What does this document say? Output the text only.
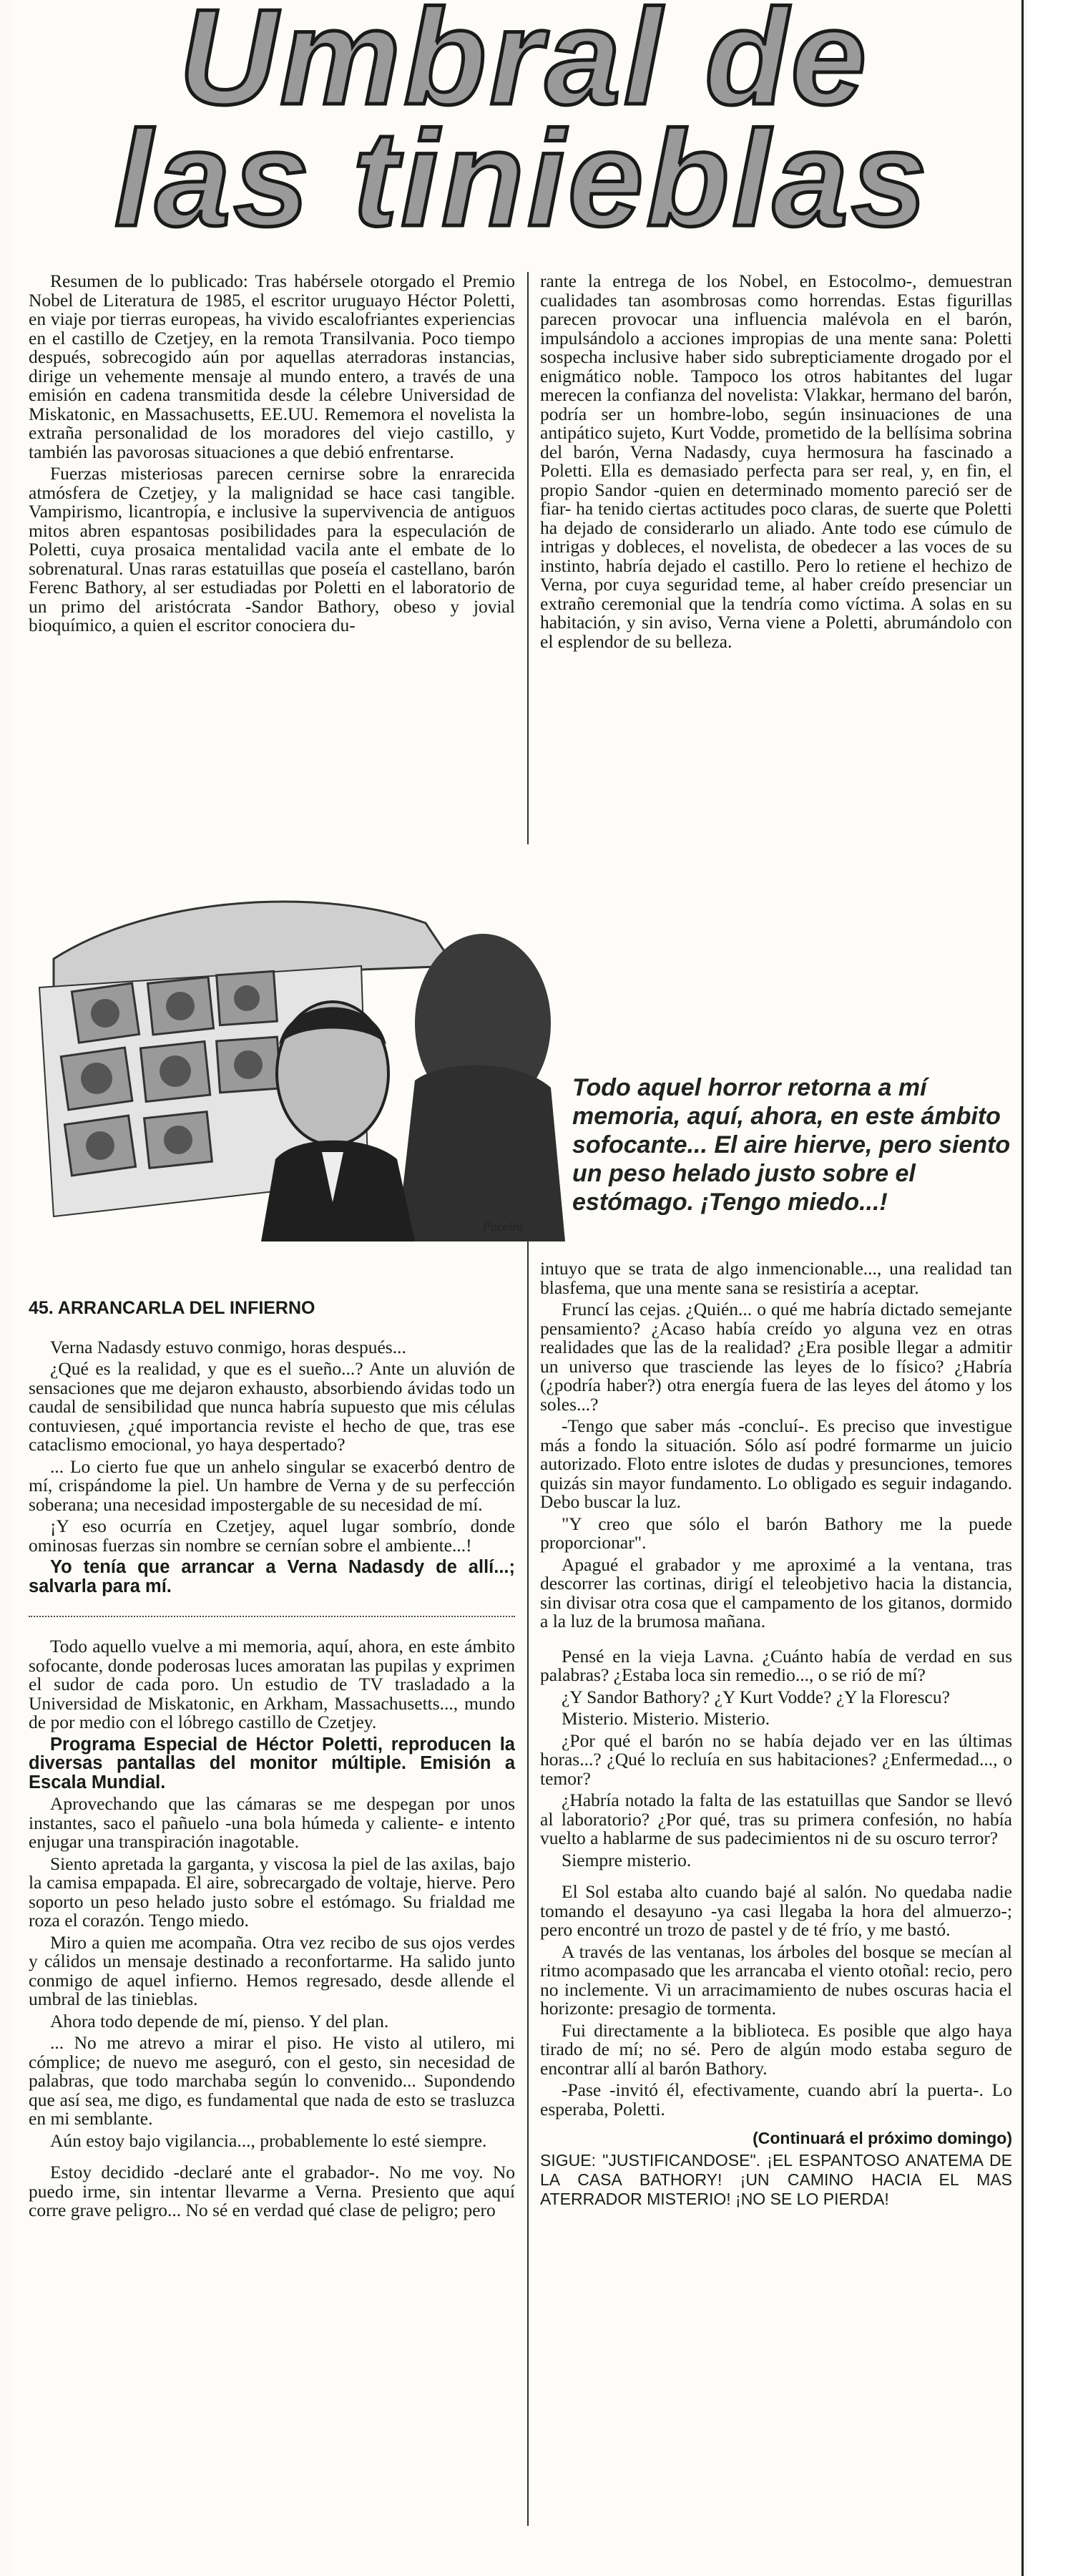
Umbral de
las tinieblas

Resumen de lo publicado: Tras habérsele otorgado el Premio Nobel de Literatura de 1985, el escritor uruguayo Héctor Poletti, en viaje por tierras europeas, ha vivido escalofriantes experiencias en el castillo de Czetjey, en la remota Transilvania. Poco tiempo después, sobrecogido aún por aquellas aterradoras instancias, dirige un vehemente mensaje al mundo entero, a través de una emisión en cadena transmitida desde la célebre Universidad de Miskatonic, en Massachusetts, EE.UU. Rememora el novelista la extraña personalidad de los moradores del viejo castillo, y también las pavorosas situaciones a que debió enfrentarse.

Fuerzas misteriosas parecen cernirse sobre la enrarecida atmósfera de Czetjey, y la malignidad se hace casi tangible. Vampirismo, licantropía, e inclusive la supervivencia de antiguos mitos abren espantosas posibilidades para la especulación de Poletti, cuya prosaica mentalidad vacila ante el embate de lo sobrenatural. Unas raras estatuillas que poseía el castellano, barón Ferenc Bathory, al ser estudiadas por Poletti en el laboratorio de un primo del aristócrata -Sandor Bathory, obeso y jovial bioquímico, a quien el escritor conociera du-

rante la entrega de los Nobel, en Estocolmo-, demuestran cualidades tan asombrosas como horrendas. Estas figurillas parecen provocar una influencia malévola en el barón, impulsándolo a acciones impropias de una mente sana: Poletti sospecha inclusive haber sido subrepticiamente drogado por el enigmático noble. Tampoco los otros habitantes del lugar merecen la confianza del novelista: Vlakkar, hermano del barón, podría ser un hombre-lobo, según insinuaciones de una antipático sujeto, Kurt Vodde, prometido de la bellísima sobrina del barón, Verna Nadasdy, cuya hermosura ha fascinado a Poletti. Ella es demasiado perfecta para ser real, y, en fin, el propio Sandor -quien en determinado momento pareció ser de fiar- ha tenido ciertas actitudes poco claras, de suerte que Poletti ha dejado de considerarlo un aliado. Ante todo ese cúmulo de intrigas y dobleces, el novelista, de obedecer a las voces de su instinto, habría dejado el castillo. Pero lo retiene el hechizo de Verna, por cuya seguridad teme, al haber creído presenciar un extraño ceremonial que la tendría como víctima. A solas en su habitación, y sin aviso, Verna viene a Poletti, abrumándolo con el esplendor de su belleza.

Paceiro
Todo aquel horror retorna a mí memoria, aquí, ahora, en este ámbito sofocante... El aire hierve, pero siento un peso helado justo sobre el estómago. ¡Tengo miedo...!

45. ARRANCARLA DEL INFIERNO

Verna Nadasdy estuvo conmigo, horas después...

¿Qué es la realidad, y que es el sueño...? Ante un aluvión de sensaciones que me dejaron exhausto, absorbiendo ávidas todo un caudal de sensibilidad que nunca habría supuesto que mis células contuviesen, ¿qué importancia reviste el hecho de que, tras ese cataclismo emocional, yo haya despertado?

... Lo cierto fue que un anhelo singular se exacerbó dentro de mí, crispándome la piel. Un hambre de Verna y de su perfección soberana; una necesidad impostergable de su necesidad de mí.

¡Y eso ocurría en Czetjey, aquel lugar sombrío, donde ominosas fuerzas sin nombre se cernían sobre el ambiente...!

Yo tenía que arrancar a Verna Nadasdy de allí...; salvarla para mí.

Todo aquello vuelve a mi memoria, aquí, ahora, en este ámbito sofocante, donde poderosas luces amoratan las pupilas y exprimen el sudor de cada poro. Un estudio de TV trasladado a la Universidad de Miskatonic, en Arkham, Massachusetts..., mundo de por medio con el lóbrego castillo de Czetjey.

Programa Especial de Héctor Poletti, reproducen la diversas pantallas del monitor múltiple. Emisión a Escala Mundial.

Aprovechando que las cámaras se me despegan por unos instantes, saco el pañuelo -una bola húmeda y caliente- e intento enjugar una transpiración inagotable.

Siento apretada la garganta, y viscosa la piel de las axilas, bajo la camisa empapada. El aire, sobrecargado de voltaje, hierve. Pero soporto un peso helado justo sobre el estómago. Su frialdad me roza el corazón. Tengo miedo.

Miro a quien me acompaña. Otra vez recibo de sus ojos verdes y cálidos un mensaje destinado a reconfortarme. Ha salido junto conmigo de aquel infierno. Hemos regresado, desde allende el umbral de las tinieblas.

Ahora todo depende de mí, pienso. Y del plan.

... No me atrevo a mirar el piso. He visto al utilero, mi cómplice; de nuevo me aseguró, con el gesto, sin necesidad de palabras, que todo marchaba según lo convenido... Supondendo que así sea, me digo, es fundamental que nada de esto se trasluzca en mi semblante.

Aún estoy bajo vigilancia..., probablemente lo esté siempre.

Estoy decidido -declaré ante el grabador-. No me voy. No puedo irme, sin intentar llevarme a Verna. Presiento que aquí corre grave peligro... No sé en verdad qué clase de peligro; pero

intuyo que se trata de algo inmencionable..., una realidad tan blasfema, que una mente sana se resistiría a aceptar.

Fruncí las cejas. ¿Quién... o qué me habría dictado semejante pensamiento? ¿Acaso había creído yo alguna vez en otras realidades que las de la realidad? ¿Era posible llegar a admitir un universo que trasciende las leyes de lo físico? ¿Habría (¿podría haber?) otra energía fuera de las leyes del átomo y los soles...?

-Tengo que saber más -concluí-. Es preciso que investigue más a fondo la situación. Sólo así podré formarme un juicio autorizado. Floto entre islotes de dudas y presunciones, temores quizás sin mayor fundamento. Lo obligado es seguir indagando. Debo buscar la luz.

"Y creo que sólo el barón Bathory me la puede proporcionar".

Apagué el grabador y me aproximé a la ventana, tras descorrer las cortinas, dirigí el teleobjetivo hacia la distancia, sin divisar otra cosa que el campamento de los gitanos, dormido a la luz de la brumosa mañana.

Pensé en la vieja Lavna. ¿Cuánto había de verdad en sus palabras? ¿Estaba loca sin remedio..., o se rió de mí?

¿Y Sandor Bathory? ¿Y Kurt Vodde? ¿Y la Florescu?

Misterio. Misterio. Misterio.

¿Por qué el barón no se había dejado ver en las últimas horas...? ¿Qué lo recluía en sus habitaciones? ¿Enfermedad..., o temor?

¿Habría notado la falta de las estatuillas que Sandor se llevó al laboratorio? ¿Por qué, tras su primera confesión, no había vuelto a hablarme de sus padecimientos ni de su oscuro terror?

Siempre misterio.

El Sol estaba alto cuando bajé al salón. No quedaba nadie tomando el desayuno -ya casi llegaba la hora del almuerzo-; pero encontré un trozo de pastel y de té frío, y me bastó.

A través de las ventanas, los árboles del bosque se mecían al ritmo acompasado que les arrancaba el viento otoñal: recio, pero no inclemente. Vi un arracimamiento de nubes oscuras hacia el horizonte: presagio de tormenta.

Fui directamente a la biblioteca. Es posible que algo haya tirado de mí; no sé. Pero de algún modo estaba seguro de encontrar allí al barón Bathory.

-Pase -invitó él, efectivamente, cuando abrí la puerta-. Lo esperaba, Poletti.

(Continuará el próximo domingo)

SIGUE: "JUSTIFICANDOSE". ¡EL ESPANTOSO ANATEMA DE LA CASA BATHORY! ¡UN CAMINO HACIA EL MAS ATERRADOR MISTERIO! ¡NO SE LO PIERDA!
